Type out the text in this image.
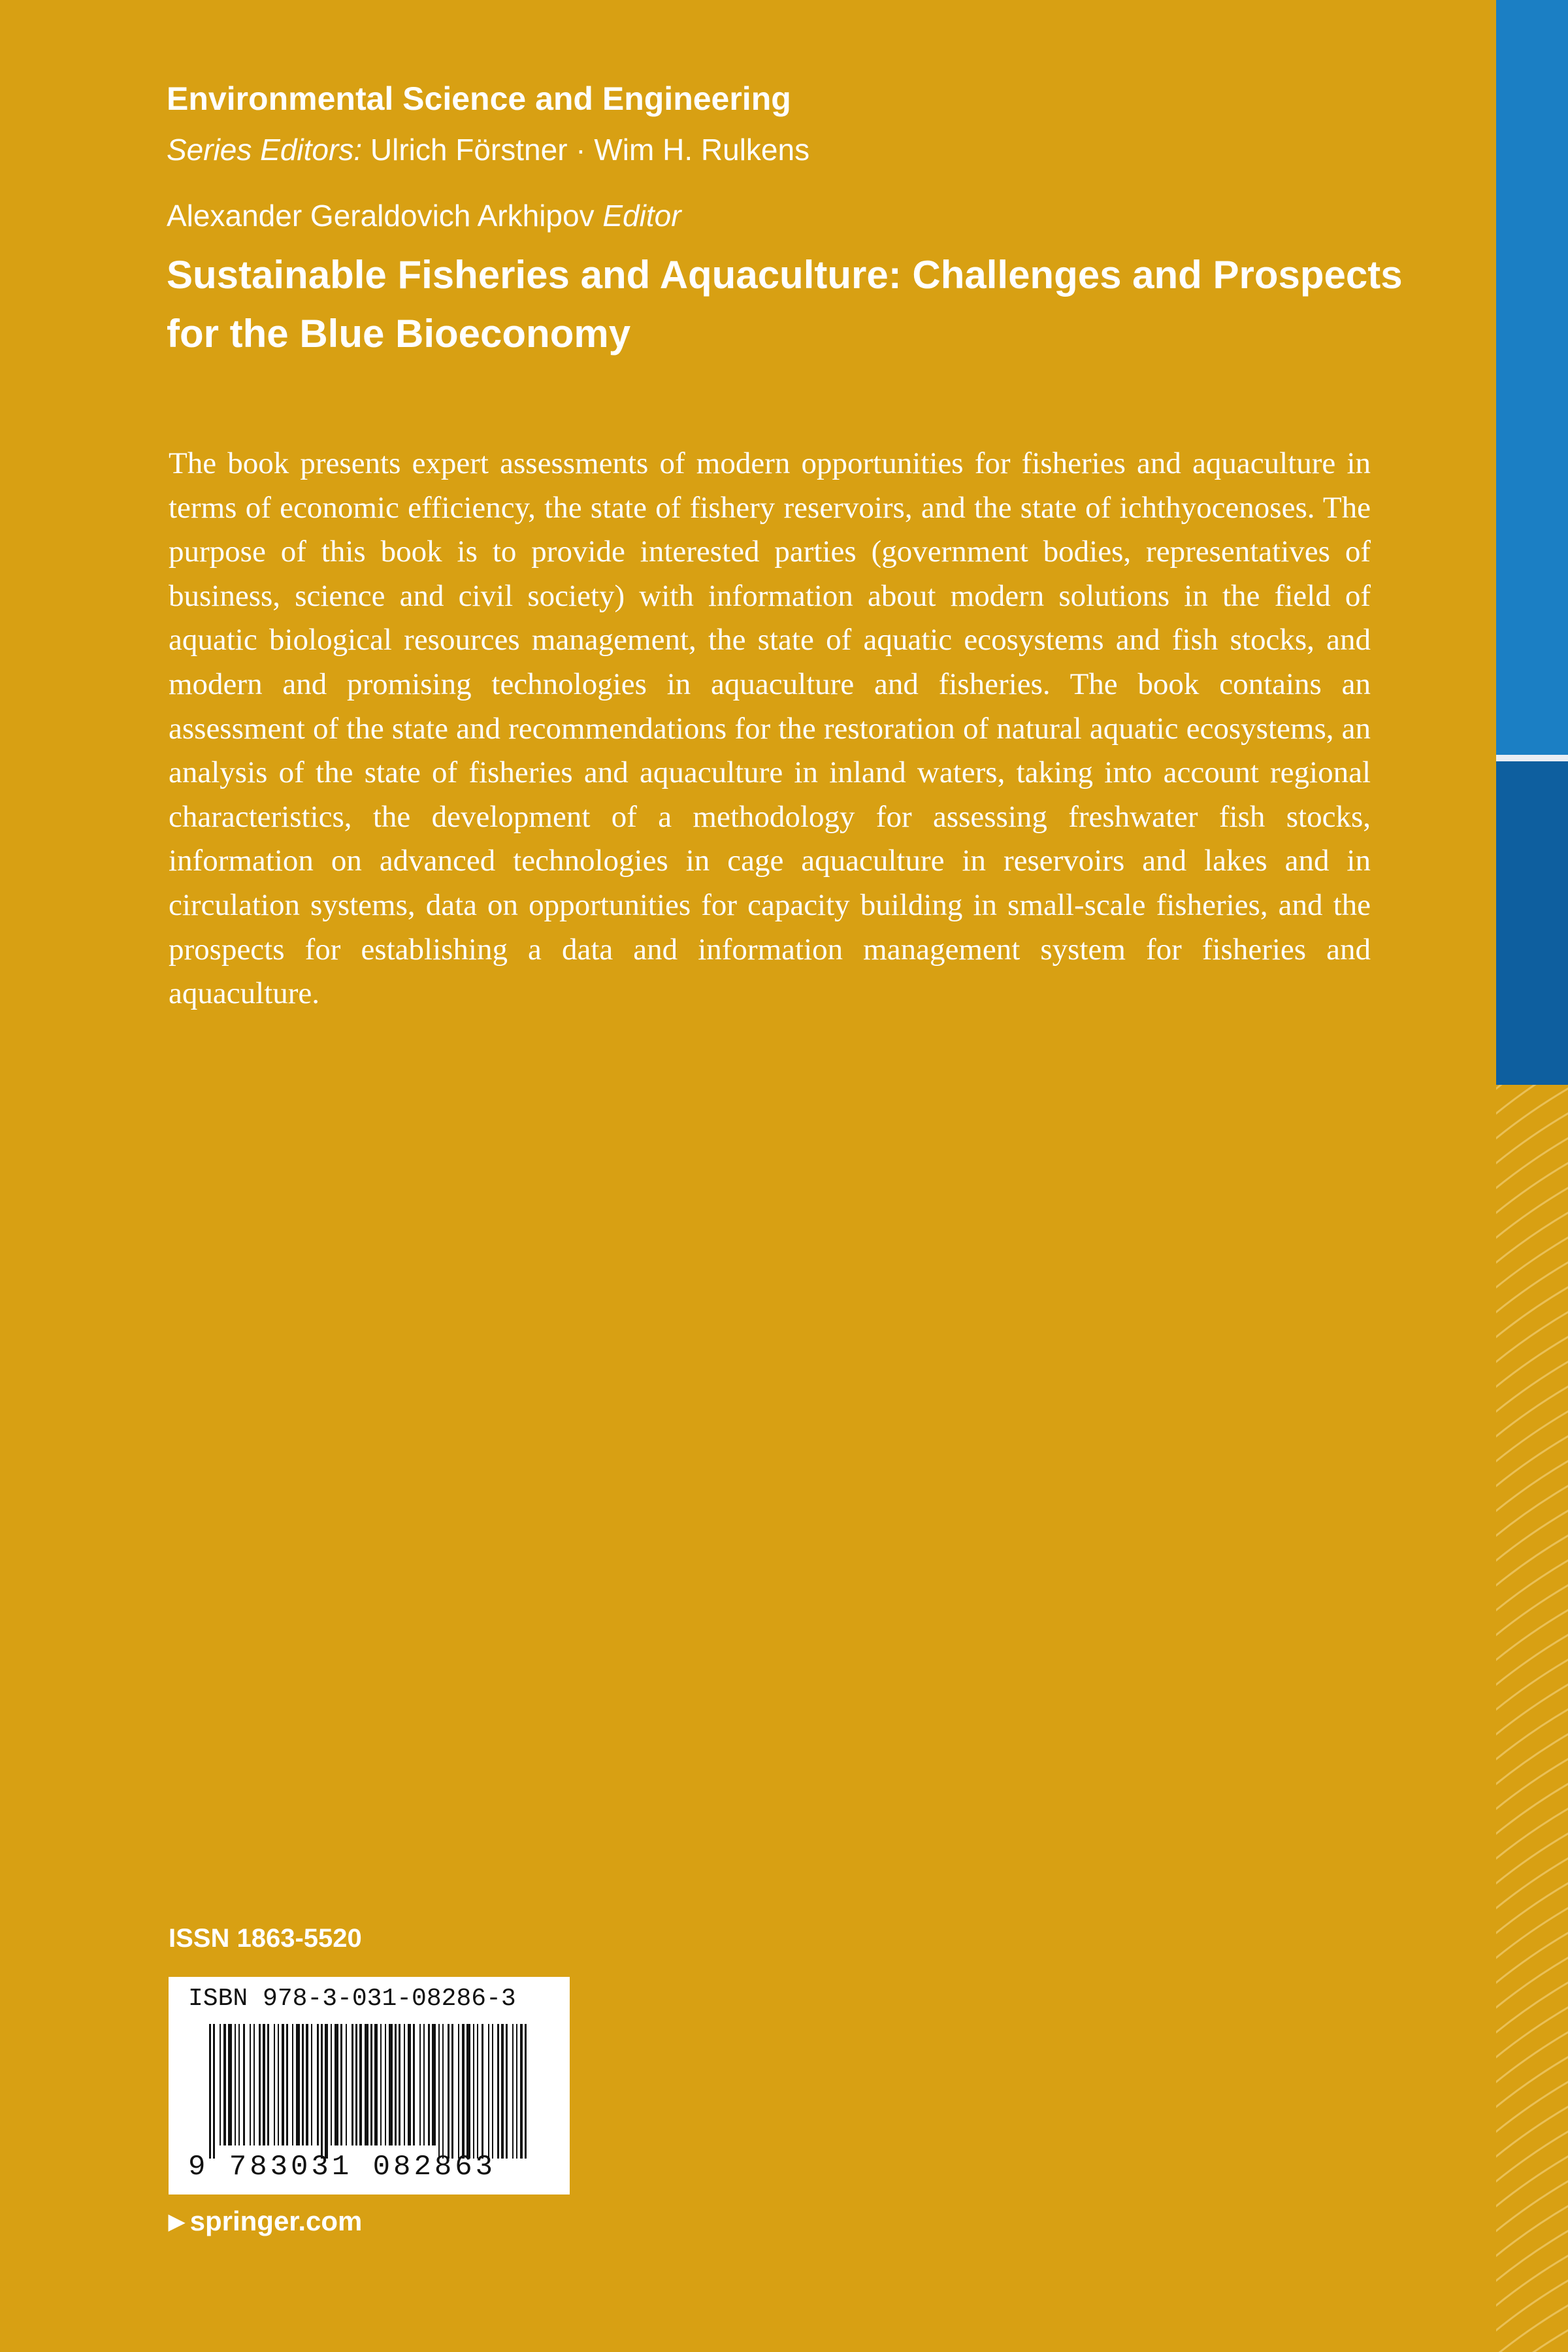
Environmental Science and Engineering
Series Editors: Ulrich Förstner · Wim H. Rulkens
Alexander Geraldovich Arkhipov Editor
Sustainable Fisheries and Aquaculture: Challenges and Prospects
for the Blue Bioeconomy
The book presents expert assessments of modern opportunities for fisheries and aquaculture in terms of economic efficiency, the state of fishery reservoirs, and the state of ichthyocenoses. The purpose of this book is to provide interested parties (government bodies, representatives of business, science and civil society) with information about modern solutions in the field of aquatic biological resources management, the state of aquatic ecosystems and fish stocks, and modern and promising technologies in aquaculture and fisheries. The book contains an assessment of the state and recommendations for the restoration of natural aquatic ecosystems, an analysis of the state of fisheries and aquaculture in inland waters, taking into account regional characteristics, the development of a methodology for assessing freshwater fish stocks, information on advanced technologies in cage aquaculture in reservoirs and lakes and in circulation systems, data on opportunities for capacity building in small-scale fisheries, and the prospects for establishing a data and information management system for fisheries and aquaculture.
ISSN 1863-5520
ISBN 978-3-031-08286-3
9 783031 082863
▶ springer.com
